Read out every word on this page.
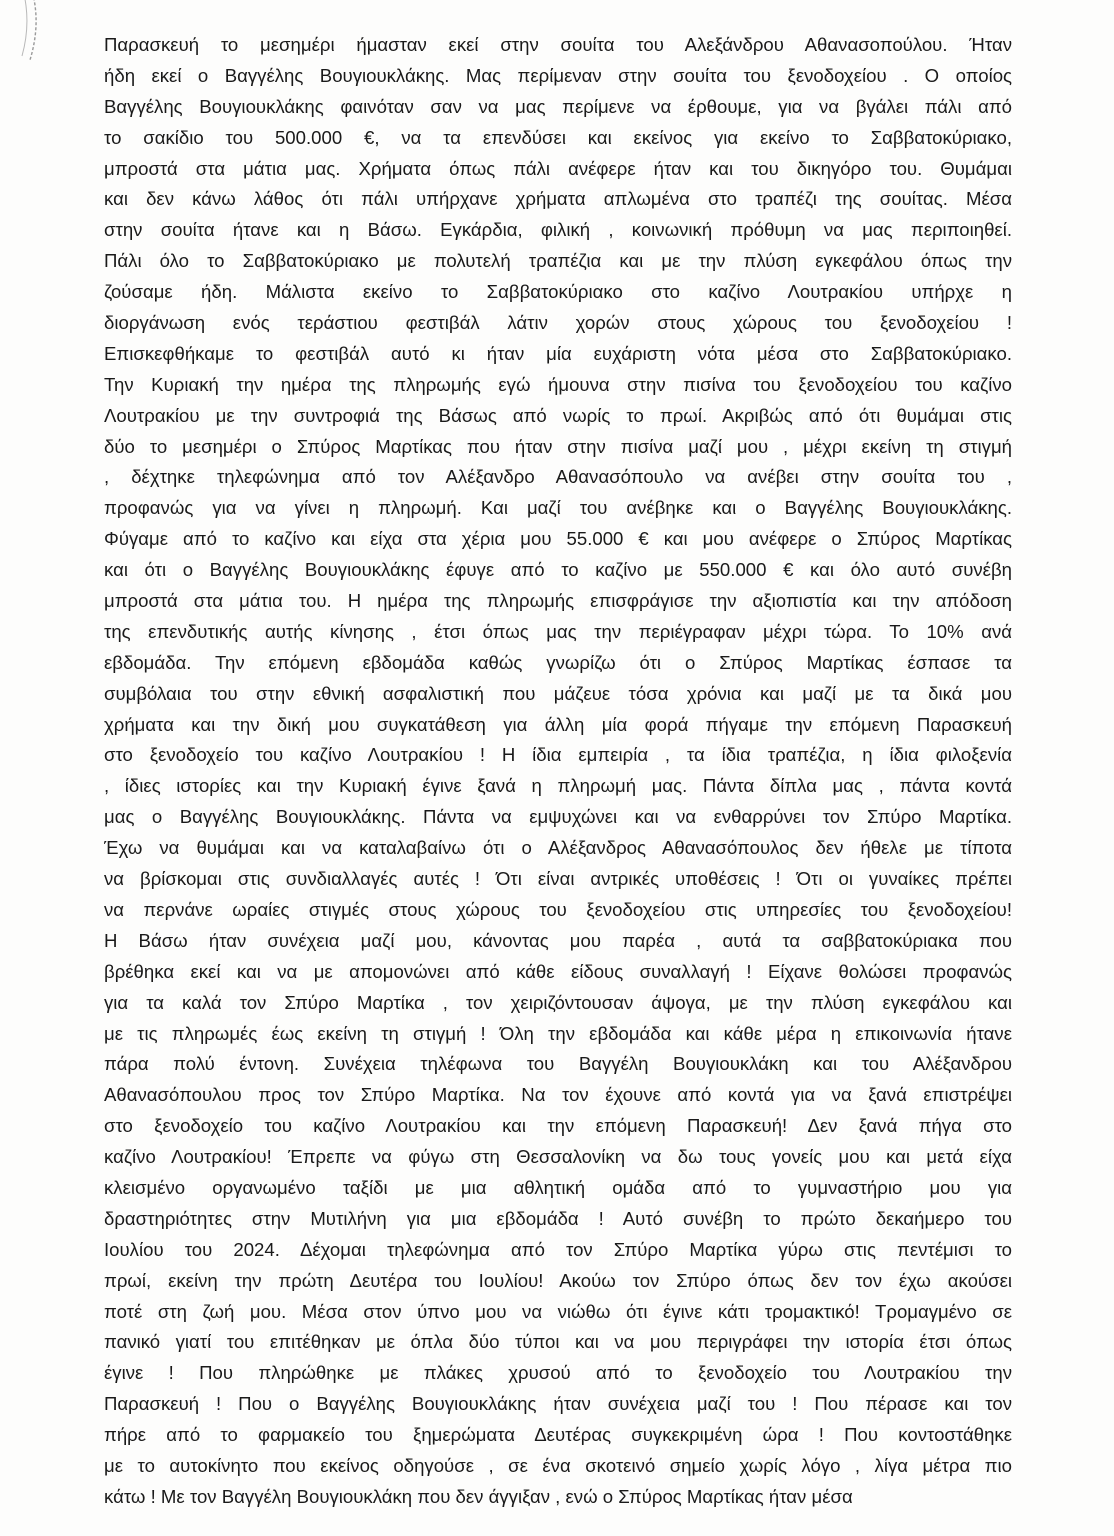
Παρασκευή το μεσημέρι ήμασταν εκεί στην σουίτα του Αλεξάνδρου Αθανασοπούλου. Ήταν
ήδη εκεί ο Βαγγέλης Βουγιουκλάκης. Μας περίμεναν στην σουίτα του ξενοδοχείου . Ο οποίος
Βαγγέλης Βουγιουκλάκης φαινόταν σαν να μας περίμενε να έρθουμε, για να βγάλει πάλι από
το σακίδιο του 500.000 €, να τα επενδύσει και εκείνος για εκείνο το Σαββατοκύριακο,
μπροστά στα μάτια μας. Χρήματα όπως πάλι ανέφερε ήταν και του δικηγόρο του. Θυμάμαι
και δεν κάνω λάθος ότι πάλι υπήρχανε χρήματα απλωμένα στο τραπέζι της σουίτας. Μέσα
στην σουίτα ήτανε και η Βάσω. Εγκάρδια, φιλική , κοινωνική πρόθυμη να μας περιποιηθεί.
Πάλι όλο το Σαββατοκύριακο με πολυτελή τραπέζια και με την πλύση εγκεφάλου όπως την
ζούσαμε ήδη. Μάλιστα εκείνο το Σαββατοκύριακο στο καζίνο Λουτρακίου υπήρχε η
διοργάνωση ενός τεράστιου φεστιβάλ λάτιν χορών στους χώρους του ξενοδοχείου !
Επισκεφθήκαμε το φεστιβάλ αυτό κι ήταν μία ευχάριστη νότα μέσα στο Σαββατοκύριακο.
Την Κυριακή την ημέρα της πληρωμής εγώ ήμουνα στην πισίνα του ξενοδοχείου του καζίνο
Λουτρακίου με την συντροφιά της Βάσως από νωρίς το πρωί. Ακριβώς από ότι θυμάμαι στις
δύο το μεσημέρι ο Σπύρος Μαρτίκας που ήταν στην πισίνα μαζί μου , μέχρι εκείνη τη στιγμή
, δέχτηκε τηλεφώνημα από τον Αλέξανδρο Αθανασόπουλο να ανέβει στην σουίτα του ,
προφανώς για να γίνει η πληρωμή. Και μαζί του ανέβηκε και ο Βαγγέλης Βουγιουκλάκης.
Φύγαμε από το καζίνο και είχα στα χέρια μου 55.000 € και μου ανέφερε ο Σπύρος Μαρτίκας
και ότι ο Βαγγέλης Βουγιουκλάκης έφυγε από το καζίνο με 550.000 € και όλο αυτό συνέβη
μπροστά στα μάτια του. Η ημέρα της πληρωμής επισφράγισε την αξιοπιστία και την απόδοση
της επενδυτικής αυτής κίνησης , έτσι όπως μας την περιέγραφαν μέχρι τώρα. Το 10% ανά
εβδομάδα. Την επόμενη εβδομάδα καθώς γνωρίζω ότι ο Σπύρος Μαρτίκας έσπασε τα
συμβόλαια του στην εθνική ασφαλιστική που μάζευε τόσα χρόνια και μαζί με τα δικά μου
χρήματα και την δική μου συγκατάθεση για άλλη μία φορά πήγαμε την επόμενη Παρασκευή
στο ξενοδοχείο του καζίνο Λουτρακίου ! Η ίδια εμπειρία , τα ίδια τραπέζια, η ίδια φιλοξενία
, ίδιες ιστορίες και την Κυριακή έγινε ξανά η πληρωμή μας. Πάντα δίπλα μας , πάντα κοντά
μας ο Βαγγέλης Βουγιουκλάκης. Πάντα να εμψυχώνει και να ενθαρρύνει τον Σπύρο Μαρτίκα.
Έχω να θυμάμαι και να καταλαβαίνω ότι ο Αλέξανδρος Αθανασόπουλος δεν ήθελε με τίποτα
να βρίσκομαι στις συνδιαλλαγές αυτές ! Ότι είναι αντρικές υποθέσεις ! Ότι οι γυναίκες πρέπει
να περνάνε ωραίες στιγμές στους χώρους του ξενοδοχείου στις υπηρεσίες του ξενοδοχείου!
Η Βάσω ήταν συνέχεια μαζί μου, κάνοντας μου παρέα , αυτά τα σαββατοκύριακα που
βρέθηκα εκεί και να με απομονώνει από κάθε είδους συναλλαγή ! Είχανε θολώσει προφανώς
για τα καλά τον Σπύρο Μαρτίκα , τον χειριζόντουσαν άψογα, με την πλύση εγκεφάλου και
με τις πληρωμές έως εκείνη τη στιγμή ! Όλη την εβδομάδα και κάθε μέρα η επικοινωνία ήτανε
πάρα πολύ έντονη. Συνέχεια τηλέφωνα του Βαγγέλη Βουγιουκλάκη και του Αλέξανδρου
Αθανασόπουλου προς τον Σπύρο Μαρτίκα. Να τον έχουνε από κοντά για να ξανά επιστρέψει
στο ξενοδοχείο του καζίνο Λουτρακίου και την επόμενη Παρασκευή! Δεν ξανά πήγα στο
καζίνο Λουτρακίου! Έπρεπε να φύγω στη Θεσσαλονίκη να δω τους γονείς μου και μετά είχα
κλεισμένο οργανωμένο ταξίδι με μια αθλητική ομάδα από το γυμναστήριο μου για
δραστηριότητες στην Μυτιλήνη για μια εβδομάδα ! Αυτό συνέβη το πρώτο δεκαήμερο του
Ιουλίου του 2024. Δέχομαι τηλεφώνημα από τον Σπύρο Μαρτίκα γύρω στις πεντέμισι το
πρωί, εκείνη την πρώτη Δευτέρα του Ιουλίου! Ακούω τον Σπύρο όπως δεν τον έχω ακούσει
ποτέ στη ζωή μου. Μέσα στον ύπνο μου να νιώθω ότι έγινε κάτι τρομακτικό! Τρομαγμένο σε
πανικό γιατί του επιτέθηκαν με όπλα δύο τύποι και να μου περιγράφει την ιστορία έτσι όπως
έγινε ! Που πληρώθηκε με πλάκες χρυσού από το ξενοδοχείο του Λουτρακίου την
Παρασκευή ! Που ο Βαγγέλης Βουγιουκλάκης ήταν συνέχεια μαζί του ! Που πέρασε και τον
πήρε από το φαρμακείο του ξημερώματα Δευτέρας συγκεκριμένη ώρα ! Που κοντοστάθηκε
με το αυτοκίνητο που εκείνος οδηγούσε , σε ένα σκοτεινό σημείο χωρίς λόγο , λίγα μέτρα πιο
κάτω ! Με τον Βαγγέλη Βουγιουκλάκη που δεν άγγιξαν , ενώ ο Σπύρος Μαρτίκας ήταν μέσα
